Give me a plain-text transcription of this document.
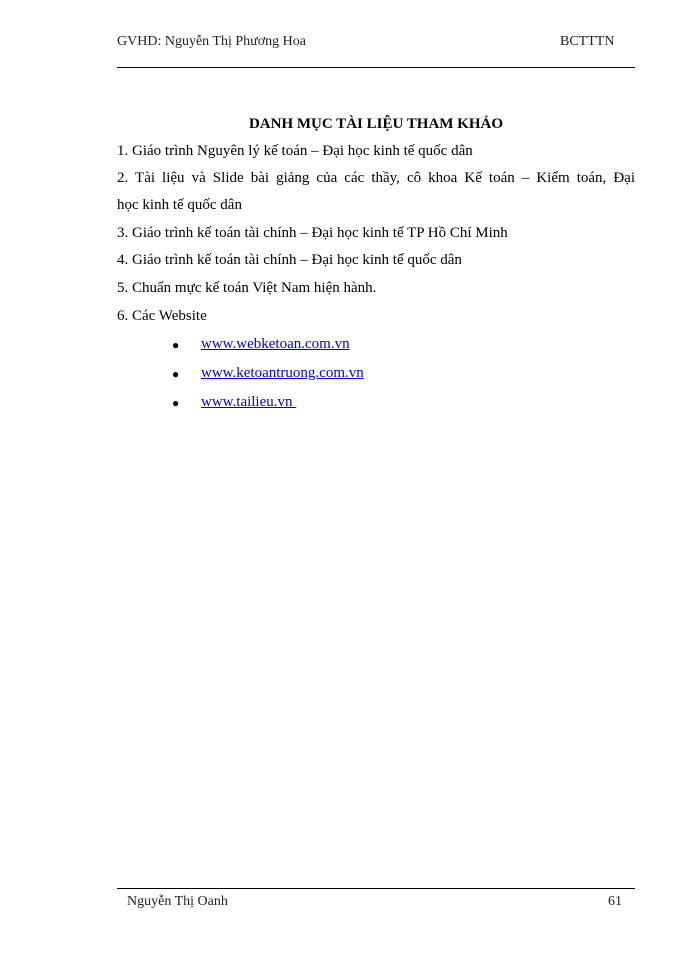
GVHD: Nguyễn Thị Phương Hoa	BCTTTN
DANH MỤC TÀI LIỆU THAM KHẢO
1. Giáo trình Nguyên lý kế toán – Đại học kinh tế quốc dân
2. Tài liệu và Slide bài giảng của các thầy, cô khoa Kế toán – Kiểm toán, Đại
học kinh tế quốc dân
3. Giáo trình kế toán tài chính – Đại học kinh tế TP Hồ Chí Minh
4. Giáo trình kế toán tài chính – Đại học kinh tế quốc dân
5. Chuẩn mực kế toán Việt Nam hiện hành.
6. Các Website
● www.webketoan.com.vn
● www.ketoantruong.com.vn
● www.tailieu.vn
Nguyễn Thị Oanh	61
